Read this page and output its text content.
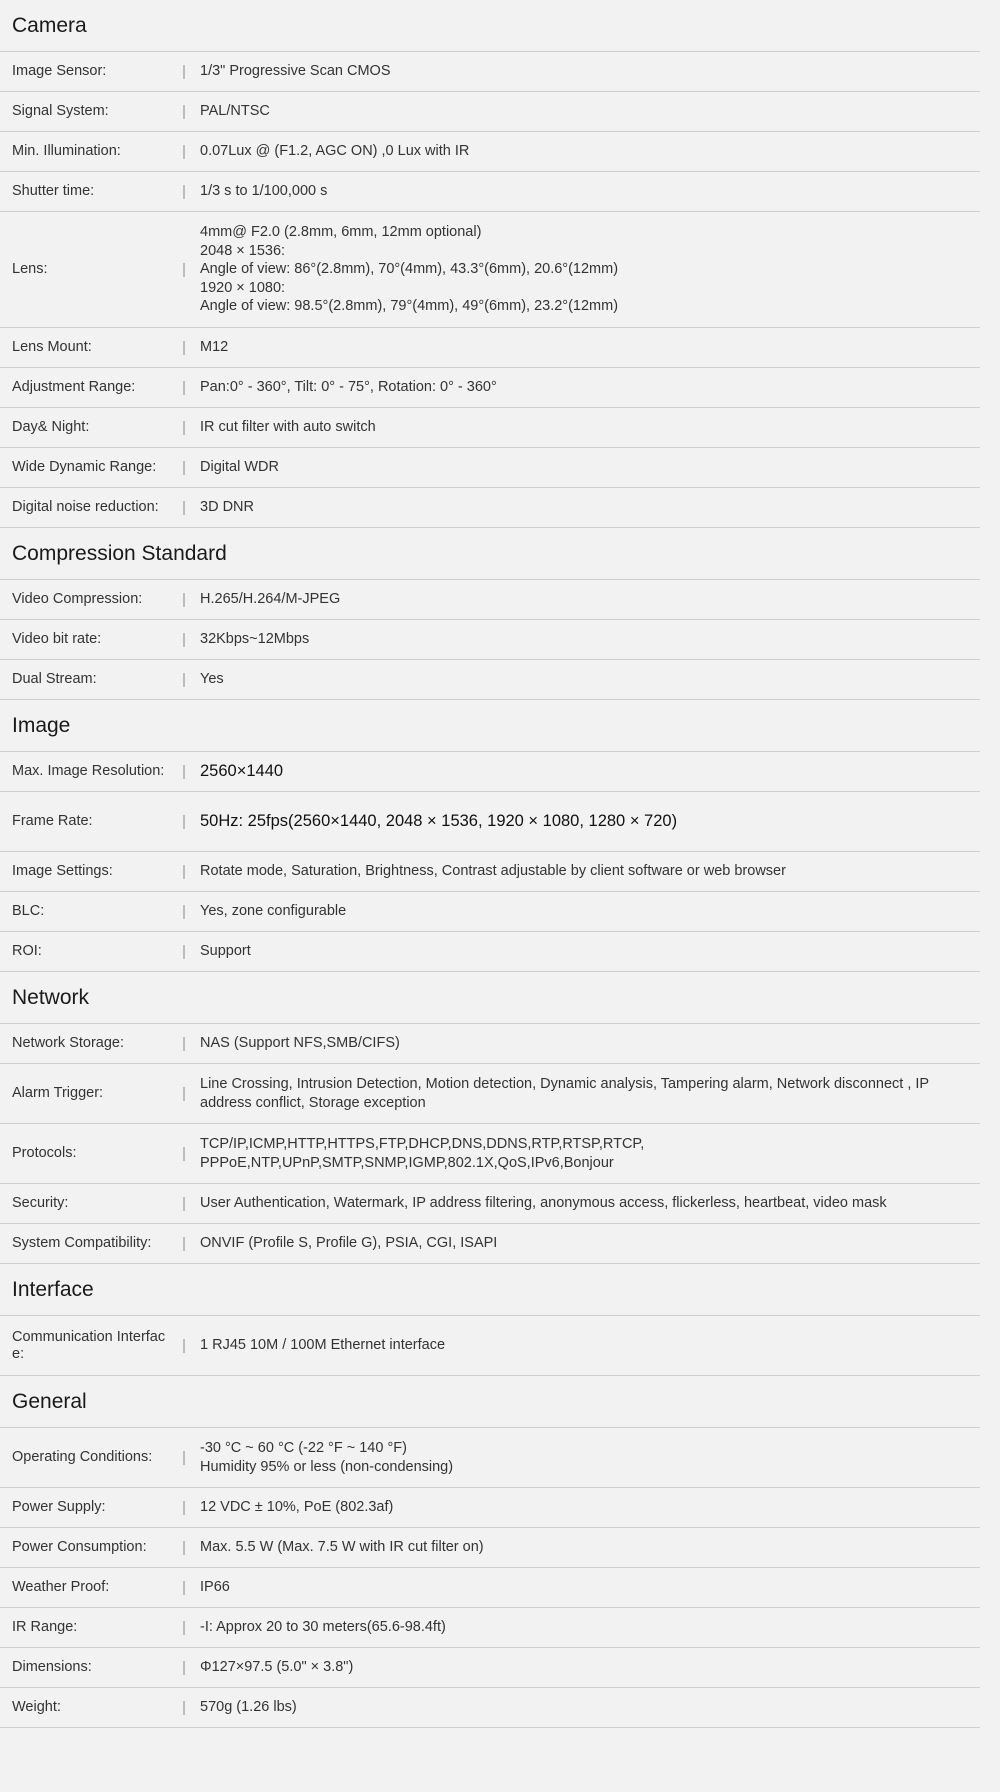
Camera
Image Sensor:	| 1/3" Progressive Scan CMOS
Signal System:	| PAL/NTSC
Min. Illumination:	| 0.07Lux @ (F1.2, AGC ON) ,0 Lux with IR
Shutter time:	| 1/3 s to 1/100,000 s
Lens:	|
4mm@ F2.0 (2.8mm, 6mm, 12mm optional)
2048 × 1536:
Angle of view: 86°(2.8mm), 70°(4mm), 43.3°(6mm), 20.6°(12mm)
1920 × 1080:
Angle of view: 98.5°(2.8mm), 79°(4mm), 49°(6mm), 23.2°(12mm)
Lens Mount:	| M12
Adjustment Range:	| Pan:0° - 360°, Tilt: 0° - 75°, Rotation: 0° - 360°
Day& Night:	| IR cut filter with auto switch
Wide Dynamic Range:	| Digital WDR
Digital noise reduction:	| 3D DNR
Compression Standard
Video Compression:	| H.265/H.264/M-JPEG
Video bit rate:	| 32Kbps~12Mbps
Dual Stream:	| Yes
Image
Max. Image Resolution:	| 2560×1440
Frame Rate:	| 50Hz: 25fps(2560×1440, 2048 × 1536, 1920 × 1080, 1280 × 720)
Image Settings:	| Rotate mode, Saturation, Brightness, Contrast adjustable by client software or web browser
BLC:	| Yes, zone configurable
ROI:	| Support
Network
Network Storage:	| NAS (Support NFS,SMB/CIFS)
Alarm Trigger:	|
Line Crossing, Intrusion Detection, Motion detection, Dynamic analysis, Tampering alarm, Network disconnect , IP
address conflict, Storage exception
Protocols:	|
TCP/IP,ICMP,HTTP,HTTPS,FTP,DHCP,DNS,DDNS,RTP,RTSP,RTCP,
PPPoE,NTP,UPnP,SMTP,SNMP,IGMP,802.1X,QoS,IPv6,Bonjour
Security:	| User Authentication, Watermark, IP address filtering, anonymous access, flickerless, heartbeat, video mask
System Compatibility:	| ONVIF (Profile S, Profile G), PSIA, CGI, ISAPI
Interface
Communication Interfac
e:	| 1 RJ45 10M / 100M Ethernet interface
General
Operating Conditions:	|
-30 °C ~ 60 °C (-22 °F ~ 140 °F)
Humidity 95% or less (non-condensing)
Power Supply:	| 12 VDC ± 10%, PoE (802.3af)
Power Consumption:	| Max. 5.5 W (Max. 7.5 W with IR cut filter on)
Weather Proof:	| IP66
IR Range:	| -I: Approx 20 to 30 meters(65.6-98.4ft)
Dimensions:	| Φ127×97.5 (5.0" × 3.8")
Weight:	| 570g (1.26 lbs)
